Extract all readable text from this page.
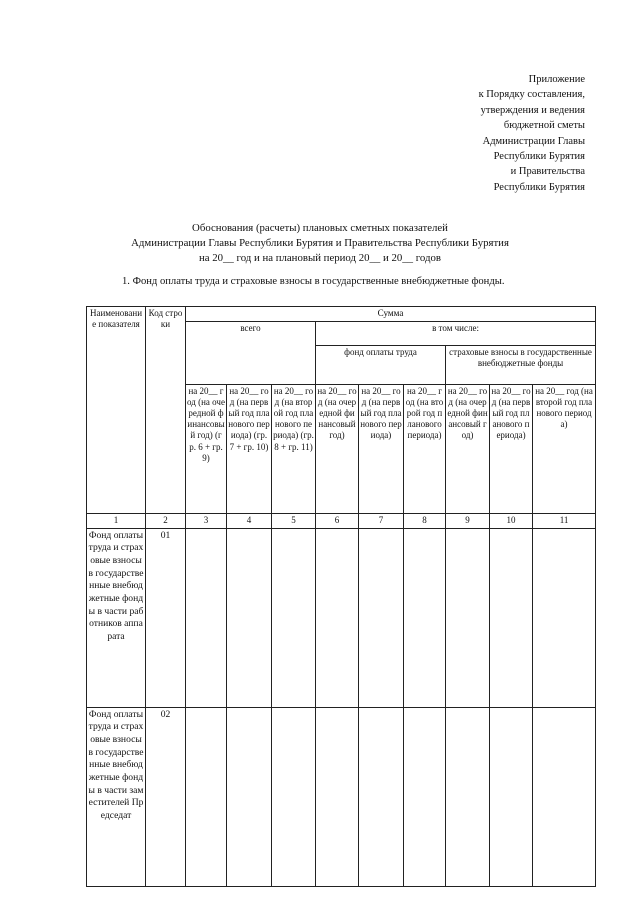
Приложение
к Порядку составления,
утверждения и ведения
бюджетной сметы
Администрации Главы
Республики Бурятия
и Правительства
Республики Бурятия
Обоснования (расчеты) плановых сметных показателей
Администрации Главы Республики Бурятия и Правительства Республики Бурятия
на 20__ год и на плановый период 20__ и 20__ годов
1. Фонд оплаты труда и страховые взносы в государственные внебюджетные фонды.
Наименование показателя	Код строки	Сумма								
		всего			в том числе:					
					фонд оплаты труда			страховые взносы в государственные внебюджетные фонды		
		на 20__ год (на очередной финансовый год) (гр. 6 + гр. 9)	на 20__ год (на первый год планового периода) (гр. 7 + гр. 10)	на 20__ год (на второй год планового периода) (гр. 8 + гр. 11)	на 20__ год (на очередной финансовый год)	на 20__ год (на первый год планового периода)	на 20__ год (на второй год планового периода)	на 20__ год (на очередной финансовый год)	на 20__ год (на первый год планового периода)	на 20__ год (на второй год планового периода)
1	2	3	4	5	6	7	8	9	10	11
Фонд оплаты труда и страховые взносы в государственные внебюджетные фонды в части работников аппарата	01									
Фонд оплаты труда и страховые взносы в государственные внебюджетные фонды в части заместителей Председат	02									
